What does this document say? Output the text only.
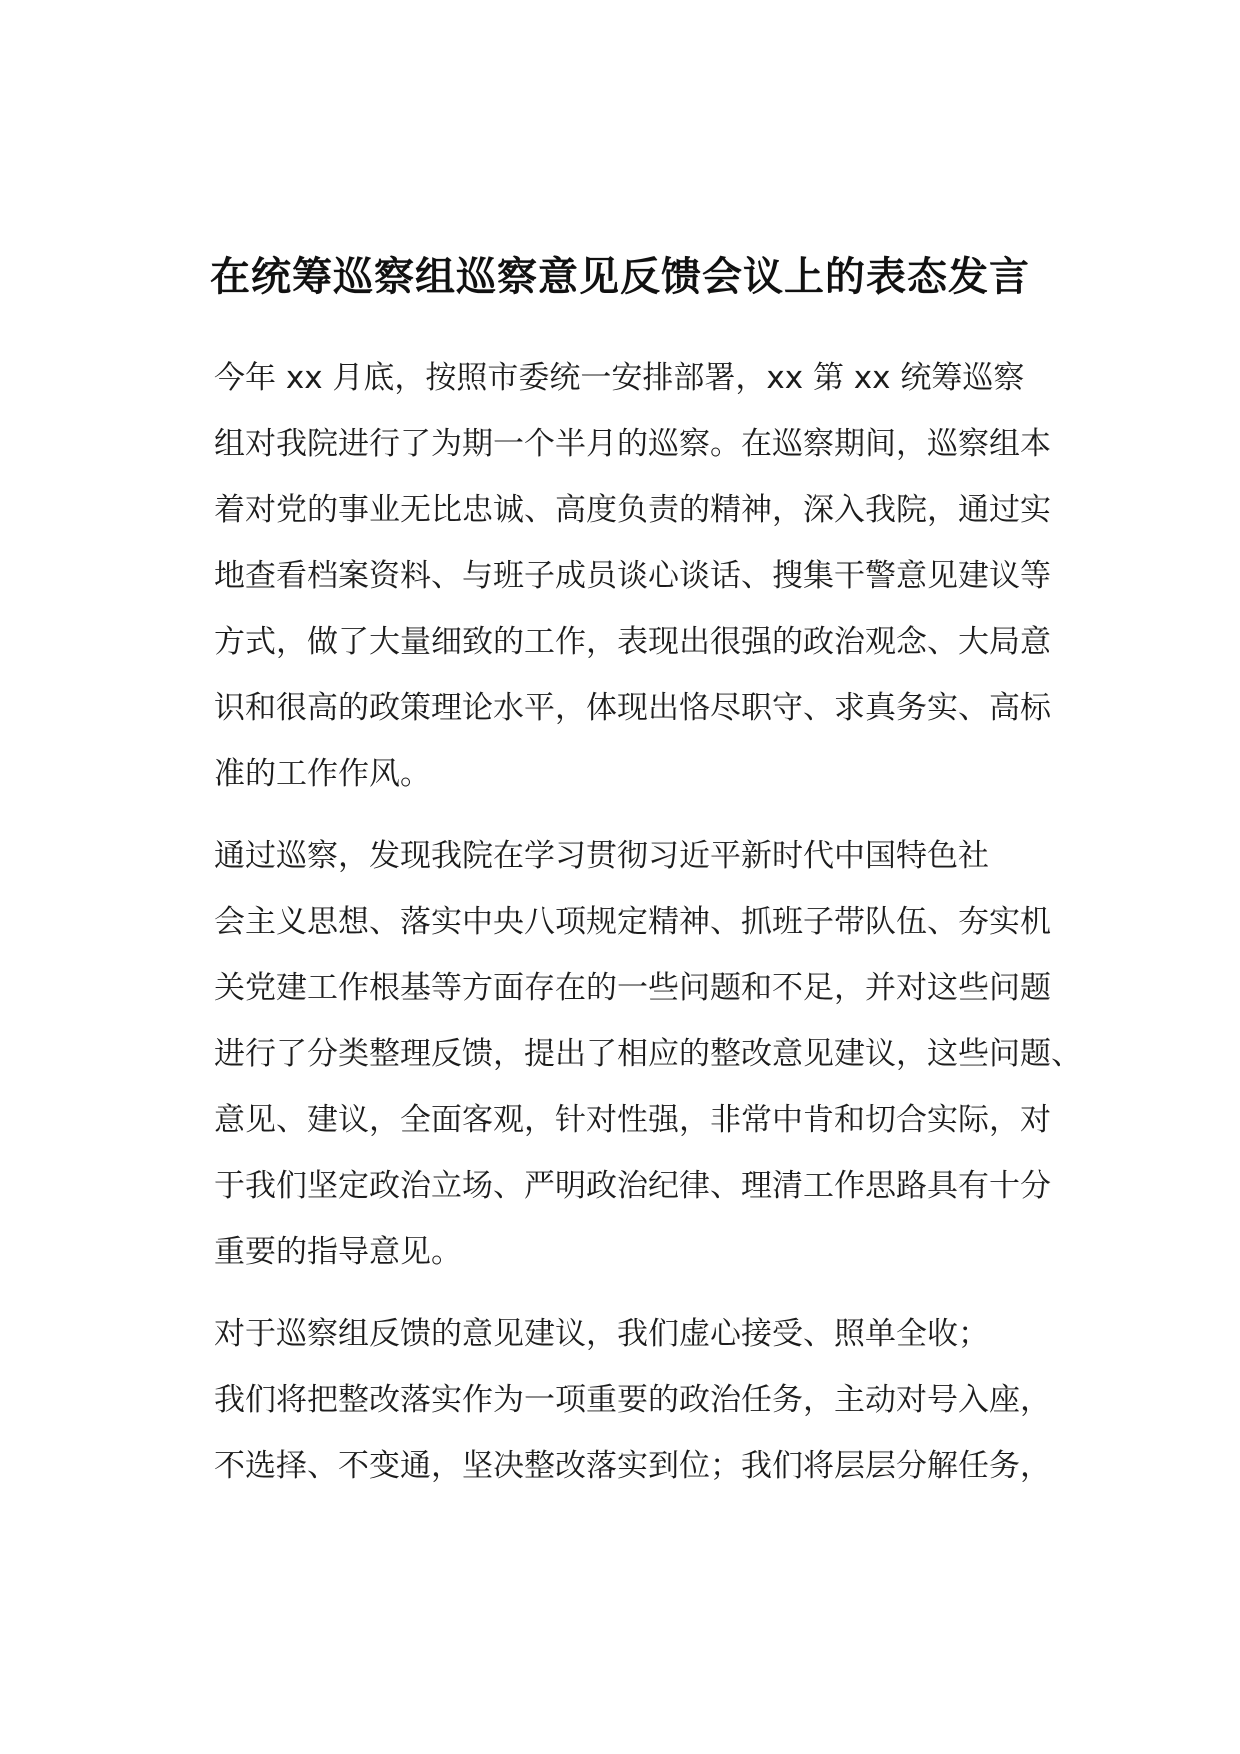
在统筹巡察组巡察意见反馈会议上的表态发言

今年 xx 月底，按照市委统一安排部署，xx 第 xx 统筹巡察
组对我院进行了为期一个半月的巡察。在巡察期间，巡察组本
着对党的事业无比忠诚、高度负责的精神，深入我院，通过实
地查看档案资料、与班子成员谈心谈话、搜集干警意见建议等
方式，做了大量细致的工作，表现出很强的政治观念、大局意
识和很高的政策理论水平，体现出恪尽职守、求真务实、高标
准的工作作风。

通过巡察，发现我院在学习贯彻习近平新时代中国特色社
会主义思想、落实中央八项规定精神、抓班子带队伍、夯实机
关党建工作根基等方面存在的一些问题和不足，并对这些问题
进行了分类整理反馈，提出了相应的整改意见建议，这些问题、
意见、建议，全面客观，针对性强，非常中肯和切合实际，对
于我们坚定政治立场、严明政治纪律、理清工作思路具有十分
重要的指导意见。

对于巡察组反馈的意见建议，我们虚心接受、照单全收；
我们将把整改落实作为一项重要的政治任务，主动对号入座，
不选择、不变通，坚决整改落实到位；我们将层层分解任务，
